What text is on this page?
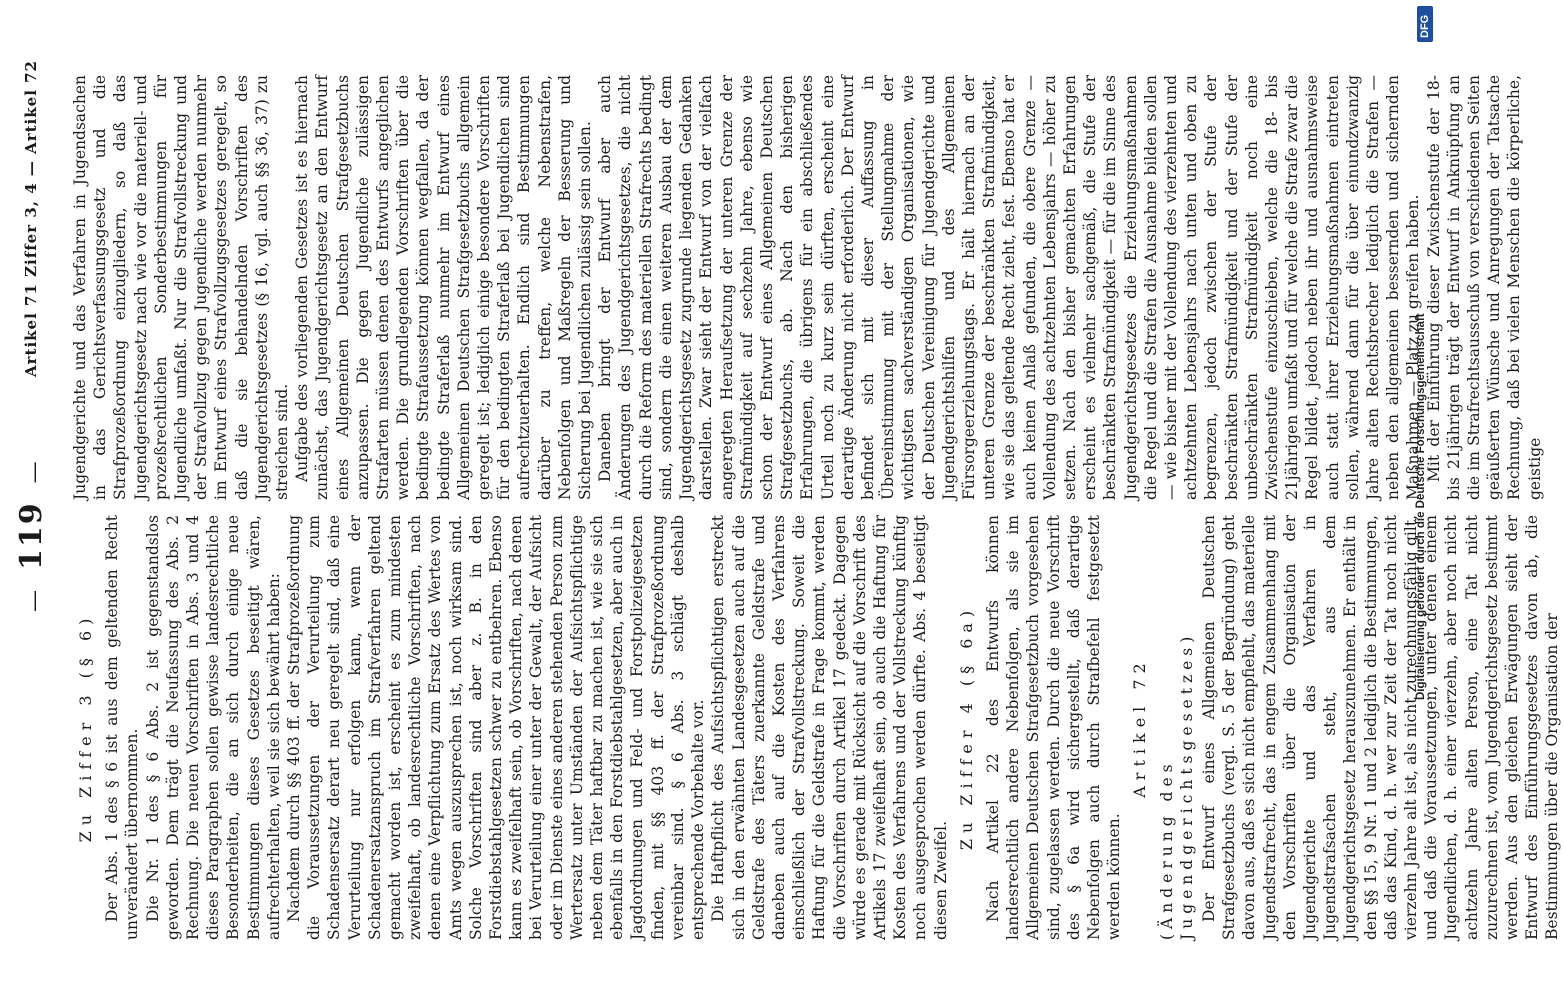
—119—
Artikel 71 Ziffer 3, 4 — Artikel 72
Zu Ziffer 3 (§ 6) Der Abs. 1 des § 6 ist aus dem geltenden Recht unverändert übernommen. Die Nr. 1 des § 6 Abs. 2 ist gegenstandslos geworden. Dem trägt die Neufassung des Abs. 2 Rechnung. Die neuen Vorschriften in Abs. 3 und 4 dieses Paragraphen sollen gewisse landesrechtliche Besonderheiten, die an sich durch einige neue Bestimmungen dieses Gesetzes beseitigt wären, aufrechterhalten, weil sie sich bewährt haben: Nachdem durch §§ 403 ff. der Strafprozeßordnung die Voraussetzungen der Verurteilung zum Schadensersatz derart neu geregelt sind, daß eine Verurteilung nur erfolgen kann, wenn der Schadenersatzanspruch im Strafverfahren geltend gemacht worden ist, erscheint es zum mindesten zweifelhaft, ob landesrechtliche Vorschriften, nach denen eine Verpflichtung zum Ersatz des Wertes von Amts wegen auszusprechen ist, noch wirksam sind. Solche Vorschriften sind aber z. B. in den Forstdiebstahlgesetzen schwer zu entbehren. Ebenso kann es zweifelhaft sein, ob Vorschriften, nach denen bei Verurteilung einer unter der Gewalt, der Aufsicht oder im Dienste eines anderen stehenden Person zum Wertersatz unter Umständen der Aufsichtspflichtige neben dem Täter haftbar zu machen ist, wie sie sich ebenfalls in den Forstdiebstahlgesetzen, aber auch in Jagdordnungen und Feld- und Forstpolizeigesetzen finden, mit §§ 403 ff. der Strafprozeßordnung vereinbar sind. § 6 Abs. 3 schlägt deshalb entsprechende Vorbehalte vor. Die Haftpflicht des Aufsichtspflichtigen erstreckt sich in den erwähnten Landesgesetzen auch auf die Geldstrafe des Täters zuerkannte Geldstrafe und daneben auch auf die Kosten des Verfahrens einschließlich der Strafvollstreckung. Soweit die Haftung für die Geldstrafe in Frage kommt, werden die Vorschriften durch Artikel 17 gedeckt. Dagegen würde es gerade mit Rücksicht auf die Vorschrift des Artikels 17 zweifelhaft sein, ob auch die Haftung für Kosten des Verfahrens und der Vollstreckung künftig noch ausgesprochen werden dürfte. Abs. 4 beseitigt diesen Zweifel.

Zu Ziffer 4 (§ 6a) Nach Artikel 22 des Entwurfs können landesrechtlich andere Nebenfolgen, als sie im Allgemeinen Deutschen Strafgesetzbuch vorgesehen sind, zugelassen werden. Durch die neue Vorschrift des § 6a wird sichergestellt, daß derartige Nebenfolgen auch durch Strafbefehl festgesetzt werden können.

Artikel 72
(Änderung des Jugendgerichtsgesetzes) Der Entwurf eines Allgemeinen Deutschen Strafgesetzbuchs (vergl. S. 5 der Begründung) geht davon aus, daß es sich nicht empfiehlt, das materielle Jugendstrafrecht, das in engem Zusammenhang mit den Vorschriften über die Organisation der Jugendgerichte und das Verfahren in Jugendstrafsachen steht, aus dem Jugendgerichtsgesetz herauszunehmen. Er enthält in den §§ 15, 9 Nr. 1 und 2 lediglich die Bestimmungen, daß das Kind, d. h. wer zur Zeit der Tat noch nicht vierzehn Jahre alt ist, als nicht zurechnungsfähig gilt, und daß die Voraussetzungen, unter denen einem Jugendlichen, d. h. einer vierzehn, aber noch nicht achtzehn Jahre alten Person, eine Tat nicht zuzurechnen ist, vom Jugendgerichtsgesetz bestimmt werden. Aus den gleichen Erwägungen sieht der Entwurf des Einführungsgesetzes davon ab, die Bestimmungen über die Organisation der

Jugendgerichte und das Verfahren in Jugendsachen in das Gerichtsverfassungsgesetz und die Strafprozeßordnung einzugliedern, so daß das Jugendgerichtsgesetz nach wie vor die materiell- und prozeßrechtlichen Sonderbestimmungen für Jugendliche umfaßt. Nur die Strafvollstreckung und der Strafvollzug gegen Jugendliche werden nunmehr im Entwurf eines Strafvollzugsgesetzes geregelt, so daß die sie behandelnden Vorschriften des Jugendgerichtsgesetzes (§ 16, vgl. auch §§ 36, 37) zu streichen sind. Aufgabe des vorliegenden Gesetzes ist es hiernach zunächst, das Jugendgerichtsgesetz an den Entwurf eines Allgemeinen Deutschen Strafgesetzbuchs anzupassen. Die gegen Jugendliche zulässigen Strafarten müssen denen des Entwurfs angeglichen werden. Die grundlegenden Vorschriften über die bedingte Strafaussetzung können wegfallen, da der bedingte Straferlaß nunmehr im Entwurf eines Allgemeinen Deutschen Strafgesetzbuchs allgemein geregelt ist; lediglich einige besondere Vorschriften für den bedingten Straferlaß bei Jugendlichen sind aufrechtzuerhalten. Endlich sind Bestimmungen darüber zu treffen, welche Nebenstrafen, Nebenfolgen und Maßregeln der Besserung und Sicherung bei Jugendlichen zulässig sein sollen. Daneben bringt der Entwurf aber auch Änderungen des Jugendgerichtsgesetzes, die nicht durch die Reform des materiellen Strafrechts bedingt sind, sondern die einen weiteren Ausbau der dem Jugendgerichtsgesetz zugrunde liegenden Gedanken darstellen. Zwar sieht der Entwurf von der vielfach angeregten Heraufsetzung der unteren Grenze der Strafmündigkeit auf sechzehn Jahre, ebenso wie schon der Entwurf eines Allgemeinen Deutschen Strafgesetzbuchs, ab. Nach den bisherigen Erfahrungen, die übrigens für ein abschließendes Urteil noch zu kurz sein dürften, erscheint eine derartige Änderung nicht erforderlich. Der Entwurf befindet sich mit dieser Auffassung in Übereinstimmung mit der Stellungnahme der wichtigsten sachverständigen Organisationen, wie der Deutschen Vereinigung für Jugendgerichte und Jugendgerichtshilfen und des Allgemeinen Fürsorgeerziehungstags. Er hält hiernach an der unteren Grenze der beschränkten Strafmündigkeit, wie sie das geltende Recht zieht, fest. Ebenso hat er auch keinen Anlaß gefunden, die obere Grenze — Vollendung des achtzehnten Lebensjahrs — höher zu setzen. Nach den bisher gemachten Erfahrungen erscheint es vielmehr sachgemäß, die Stufe der beschränkten Strafmündigkeit — für die im Sinne des Jugendgerichtsgesetzes die Erziehungsmaßnahmen die Regel und die Strafen die Ausnahme bilden sollen — wie bisher mit der Vollendung des vierzehnten und achtzehnten Lebensjahrs nach unten und oben zu begrenzen, jedoch zwischen der Stufe der beschränkten Strafmündigkeit und der Stufe der unbeschränkten Strafmündigkeit noch eine Zwischenstufe einzuschieben, welche die 18- bis 21jährigen umfaßt und für welche die Strafe zwar die Regel bildet, jedoch neben ihr und ausnahmsweise auch statt ihrer Erziehungsmaßnahmen eintreten sollen, während dann für die über einundzwanzig Jahre alten Rechtsbrecher lediglich die Strafen — neben den allgemeinen bessernden und sichernden Maßnahmen — Platz zu greifen haben. Mit der Einführung dieser Zwischenstufe der 18- bis 21jährigen trägt der Entwurf in Anknüpfung an die im Strafrechtsausschuß von verschiedenen Seiten geäußerten Wünsche und Anregungen der Tatsache Rechnung, daß bei vielen Menschen die körperliche, geistige

DFG
Digitalisierung gefördert durch die Deutsche Forschungsgemeinschaft
